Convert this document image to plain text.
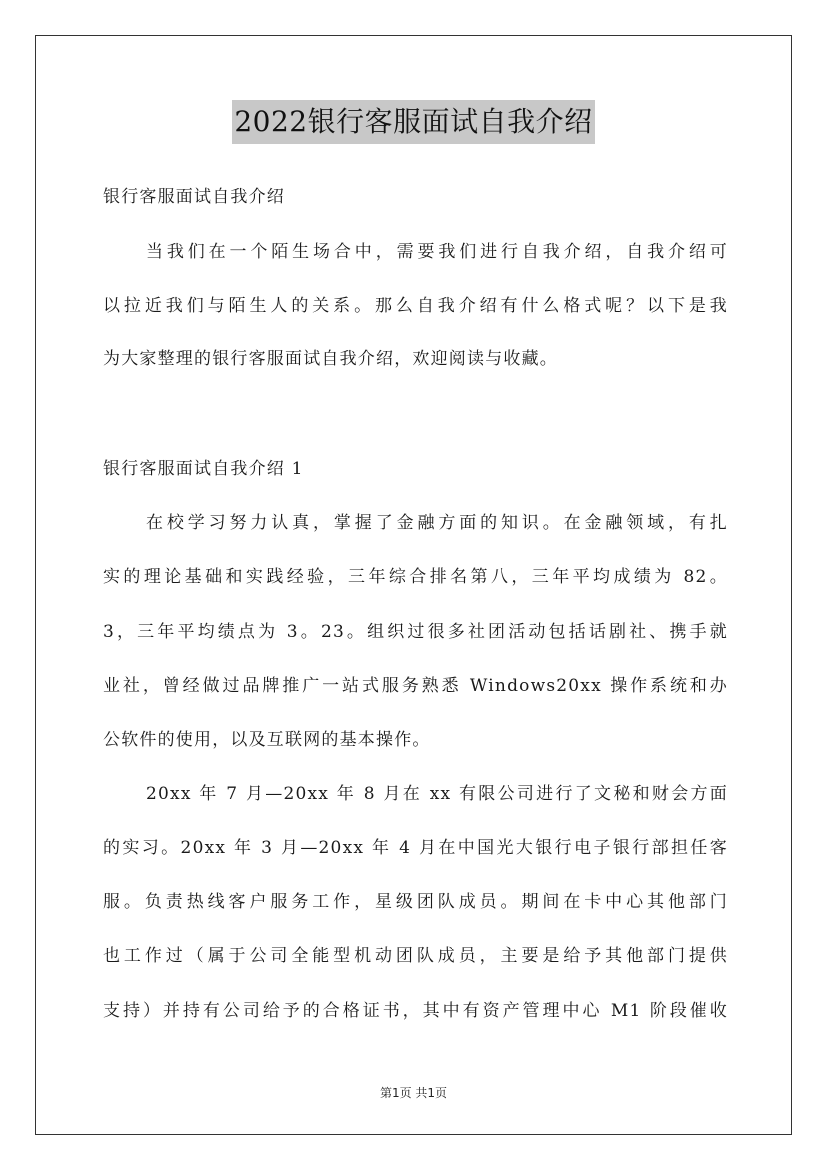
2022银行客服面试自我介绍
银行客服面试自我介绍
当我们在一个陌生场合中，需要我们进行自我介绍，自我介绍可
以拉近我们与陌生人的关系。那么自我介绍有什么格式呢？以下是我
为大家整理的银行客服面试自我介绍，欢迎阅读与收藏。
银行客服面试自我介绍 1
在校学习努力认真，掌握了金融方面的知识。在金融领域，有扎
实的理论基础和实践经验，三年综合排名第八，三年平均成绩为 82。
3，三年平均绩点为 3。23。组织过很多社团活动包括话剧社、携手就
业社，曾经做过品牌推广一站式服务熟悉 Windows20xx 操作系统和办
公软件的使用，以及互联网的基本操作。
20xx 年 7 月—20xx 年 8 月在 xx 有限公司进行了文秘和财会方面
的实习。20xx 年 3 月—20xx 年 4 月在中国光大银行电子银行部担任客
服。负责热线客户服务工作，星级团队成员。期间在卡中心其他部门
也工作过（属于公司全能型机动团队成员，主要是给予其他部门提供
支持）并持有公司给予的合格证书，其中有资产管理中心 M1 阶段催收
第1页 共1页
